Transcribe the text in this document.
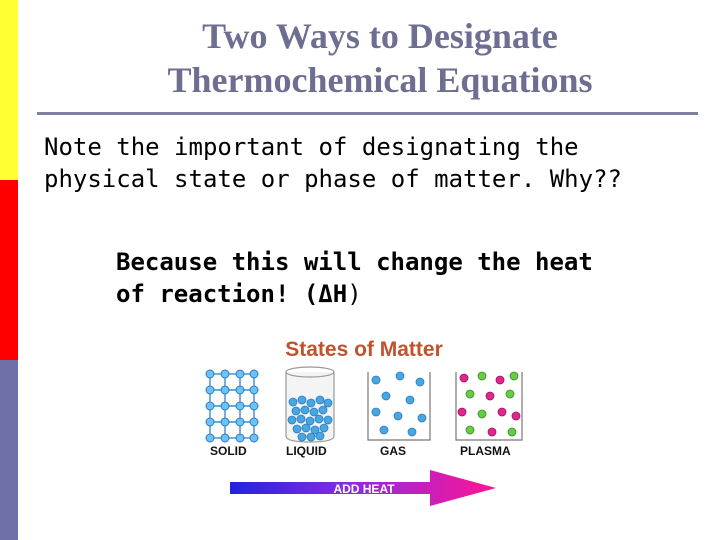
Two Ways to Designate
Thermochemical Equations
Note the important of designating the
physical state or phase of matter. Why??
Because this will change the heat
of reaction! (ΔH)
States of Matter
SOLID	LIQUID	GAS	PLASMA
ADD HEAT
